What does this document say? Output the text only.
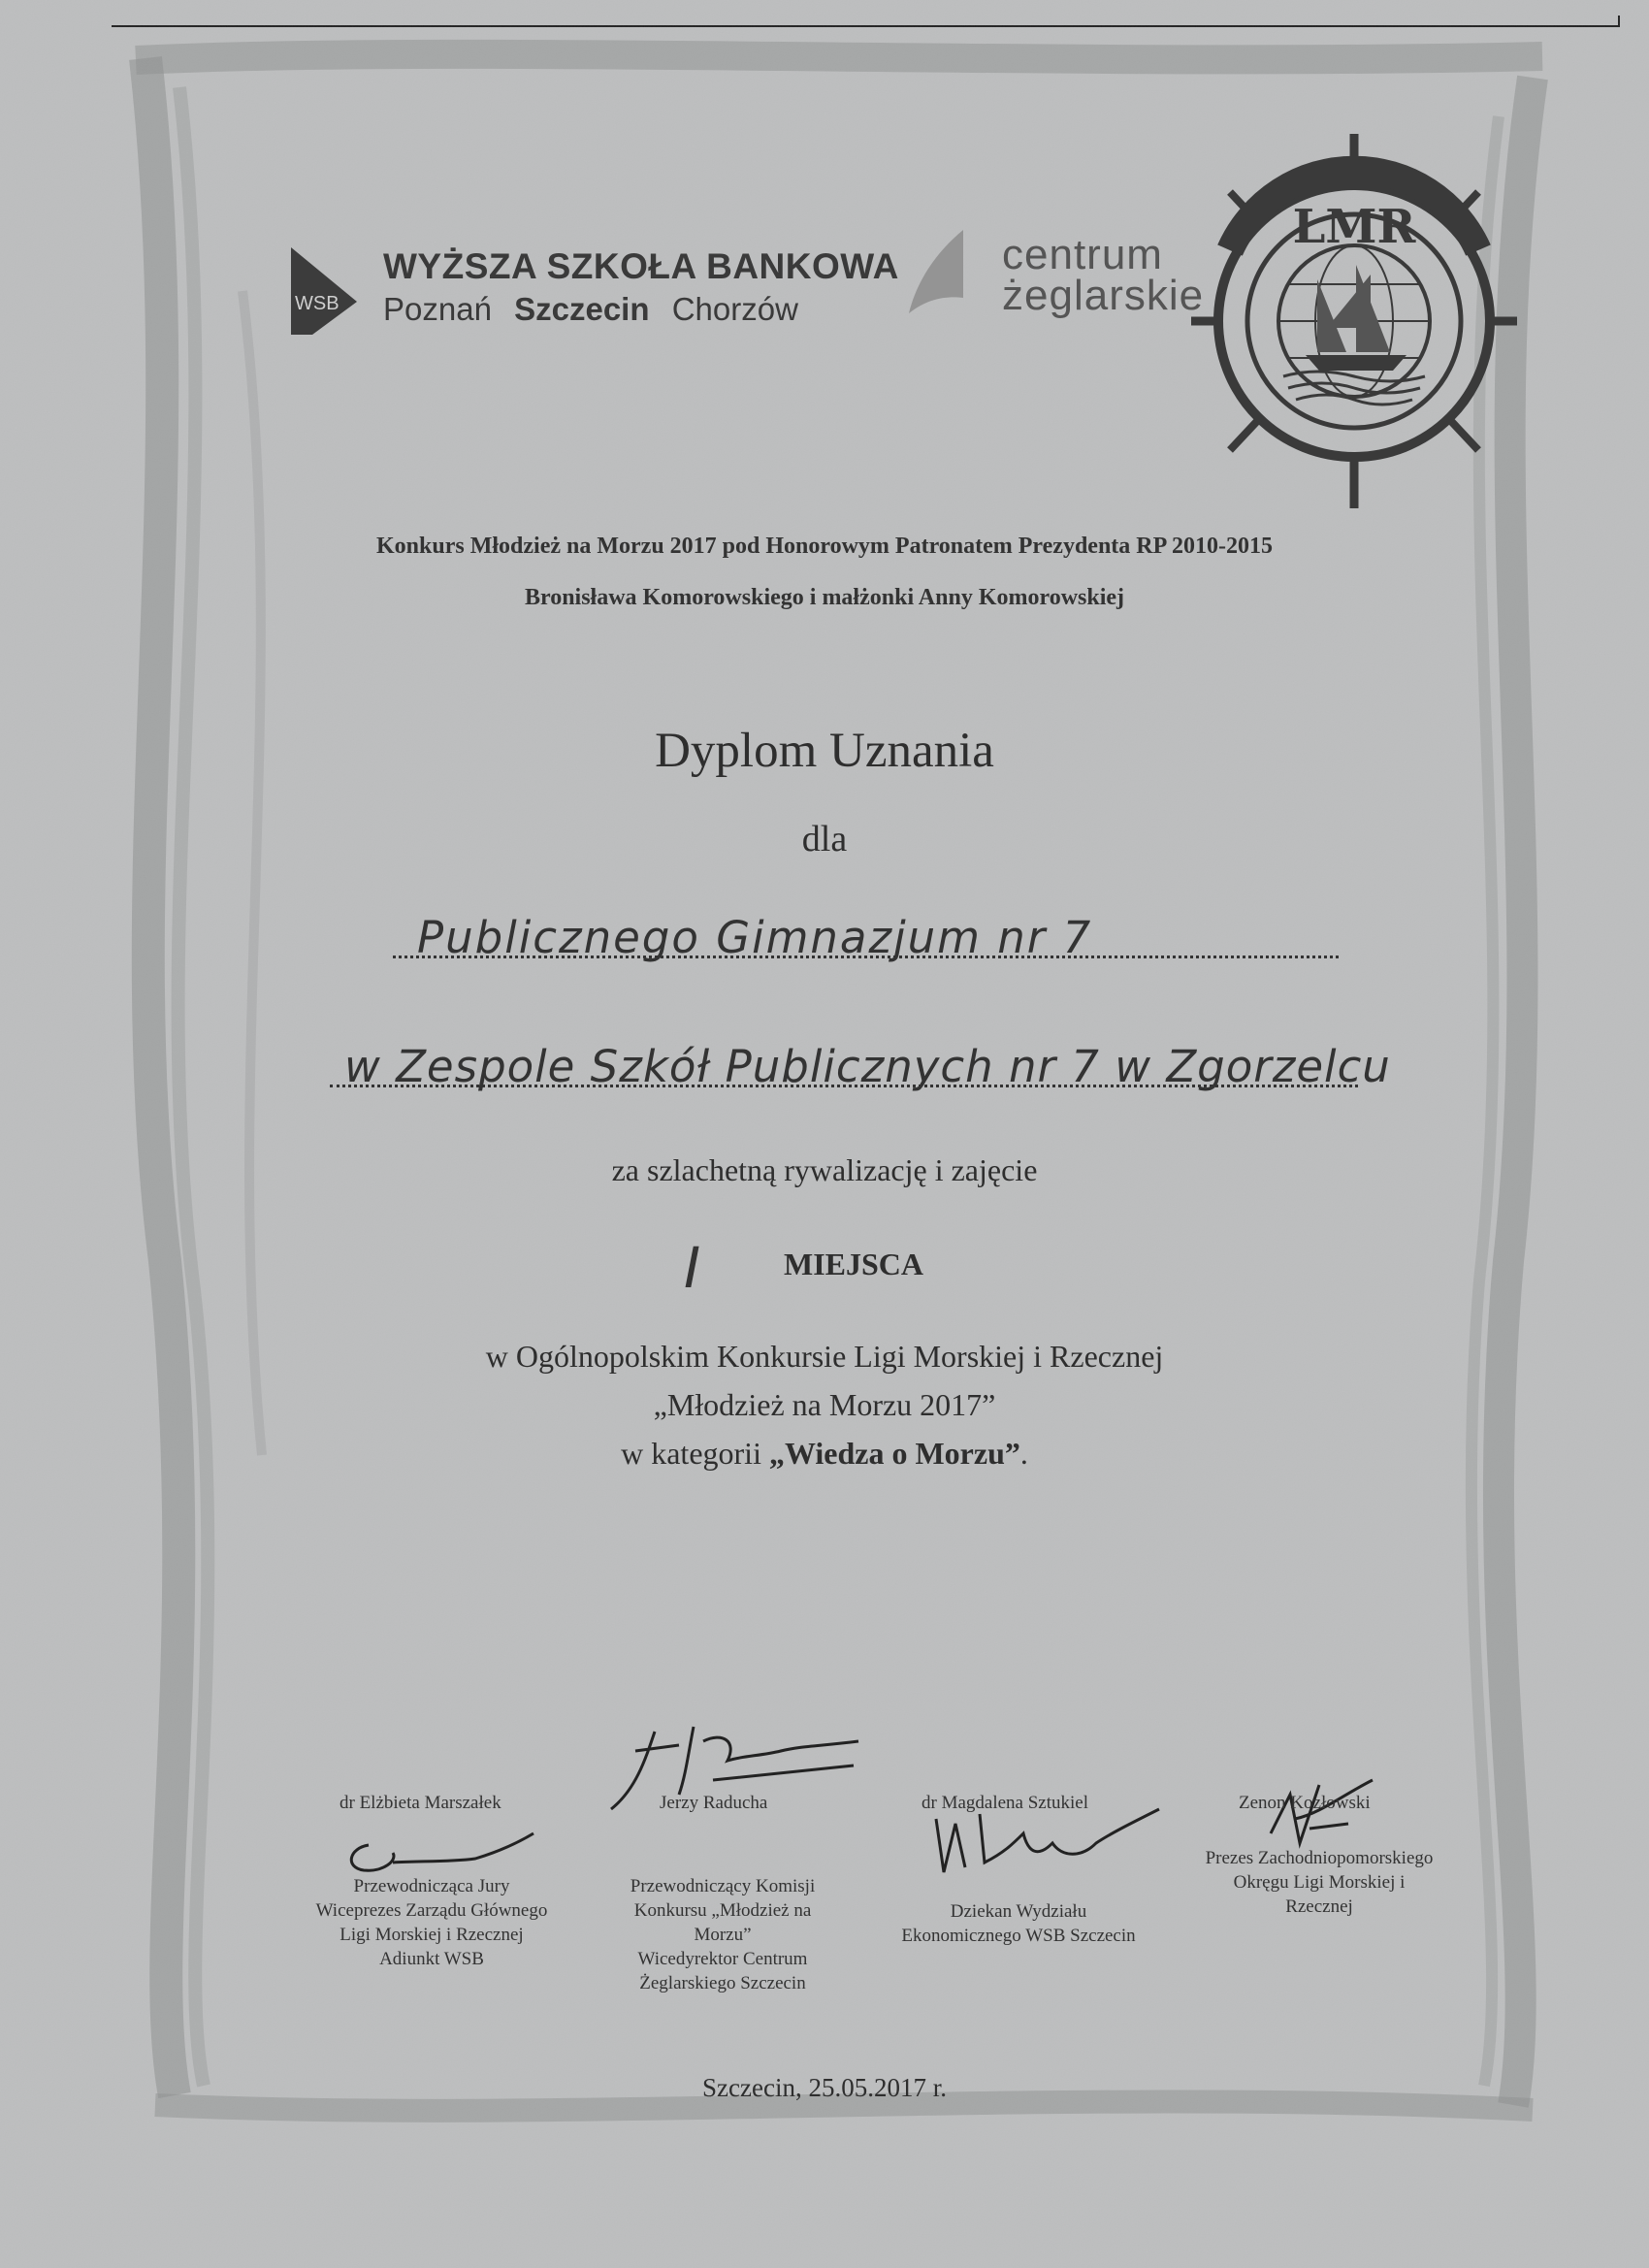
WSB
WYŻSZA SZKOŁA BANKOWA
Poznań Szczecin Chorzów
centrum
żeglarskie
LMR
Konkurs Młodzież na Morzu 2017 pod Honorowym Patronatem Prezydenta RP 2010-2015
Bronisława Komorowskiego i małżonki Anny Komorowskiej
Dyplom Uznania
dla
Publicznego Gimnazjum nr 7
w Zespole Szkół Publicznych nr 7 w Zgorzelcu
za szlachetną rywalizację i zajęcie
I	MIEJSCA
w Ogólnopolskim Konkursie Ligi Morskiej i Rzecznej
„Młodzież na Morzu 2017”
w kategorii „Wiedza o Morzu”.
dr Elżbieta Marszałek
Przewodnicząca Jury
Wiceprezes Zarządu Głównego
Ligi Morskiej i Rzecznej
Adiunkt WSB
Jerzy Raducha
Przewodniczący Komisji
Konkursu „Młodzież na
Morzu”
Wicedyrektor Centrum
Żeglarskiego Szczecin
dr Magdalena Sztukiel
Dziekan Wydziału
Ekonomicznego WSB Szczecin
Zenon Kozłowski
Prezes Zachodniopomorskiego
Okręgu Ligi Morskiej i
Rzecznej
Szczecin, 25.05.2017 r.
